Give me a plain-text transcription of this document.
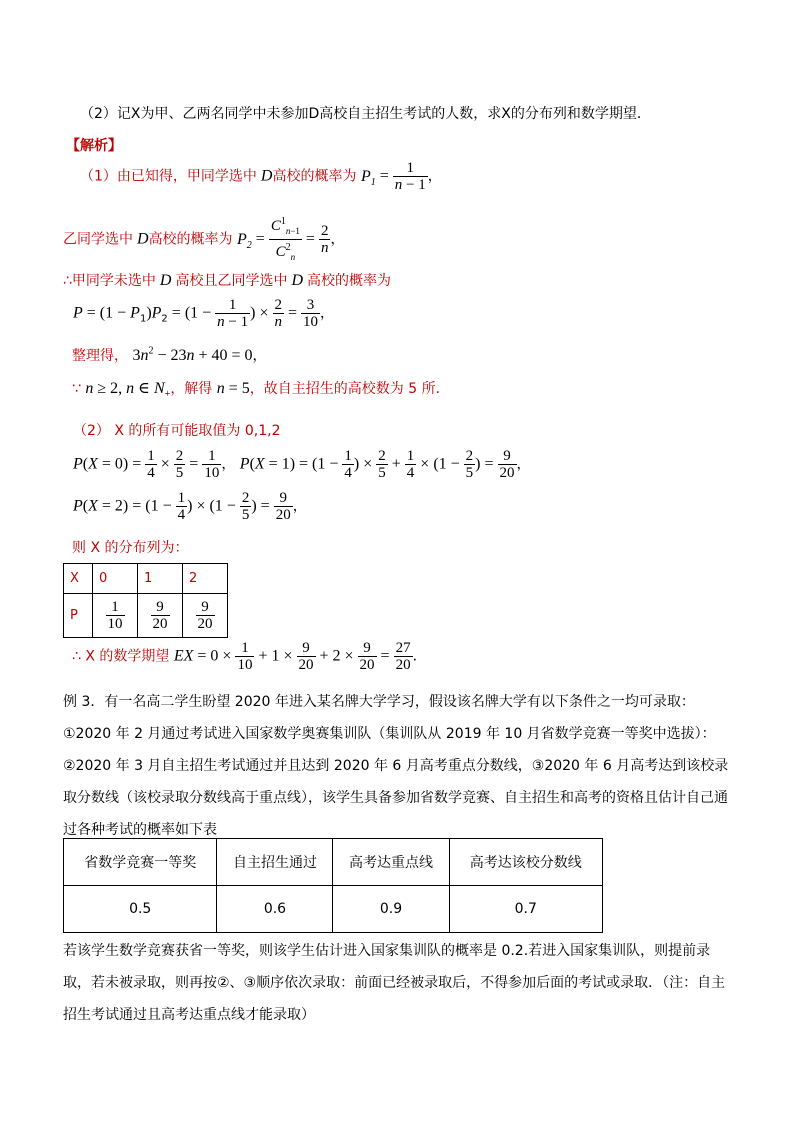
（2）记X为甲、乙两名同学中未参加D高校自主招生考试的人数，求X的分布列和数学期望．
【解析】
（1）由已知得，甲同学选中 D高校的概率为 $P_1 = \frac{1}{n - 1}$ ，
乙同学选中 D高校的概率为 $P_2 = \frac{C^1_{n-1}}{C^2_n} = \frac{2}{n}$ ，
∴甲同学未选中 D 高校且乙同学选中 D 高校的概率为
$P = (1 - P_1)P_2 = (1 - \frac{1}{n - 1}$ ) × $\frac{2}{n} = \frac{3}{10}$ ，
整理得， $3n^2 - 23n + 40 = 0$，
∵ n ≥ 2, n ∈ $N_+$，解得 n = 5，故自主招生的高校数为 5 所．
（2） X 的所有可能取值为 0,1,2
$P(X = 0) = \frac{1}{4} \times \frac{2}{5} = \frac{1}{10}$ ， $P(X = 1) = (1 - \frac{1}{4}$ ) × $\frac{2}{5} + \frac{1}{4} \times (1 - \frac{2}{5}$ ) = $\frac{9}{20}$ ，
$P(X = 2) = (1 - \frac{1}{4}$ ) × ($1 - \frac{2}{5}$ ) = $\frac{9}{20}$ ，
则 X 的分布列为：
X	0	1	2
P	$\frac{1}{10}$	$\frac{9}{20}$	$\frac{9}{20}$
∴ X 的数学期望 EX = $0 \times \frac{1}{10} + 1 \times \frac{9}{20} + 2 \times \frac{9}{20} = \frac{27}{20}$ ．
例 3．有一名高二学生盼望 2020 年进入某名牌大学学习，假设该名牌大学有以下条件之一均可录取：①2020 年 2 月通过考试进入国家数学奥赛集训队（集训队从 2019 年 10 月省数学竞赛一等奖中选拔）：②2020 年 3 月自主招生考试通过并且达到 2020 年 6 月高考重点分数线，③2020 年 6 月高考达到该校录取分数线（该校录取分数线高于重点线），该学生具备参加省数学竞赛、自主招生和高考的资格且估计自己通过各种考试的概率如下表
省数学竞赛一等奖	自主招生通过	高考达重点线	高考达该校分数线
0.5	0.6	0.9	0.7
若该学生数学竞赛获省一等奖，则该学生估计进入国家集训队的概率是 0.2.若进入国家集训队，则提前录取，若未被录取，则再按②、③顺序依次录取：前面已经被录取后，不得参加后面的考试或录取．（注：自主招生考试通过且高考达重点线才能录取）
